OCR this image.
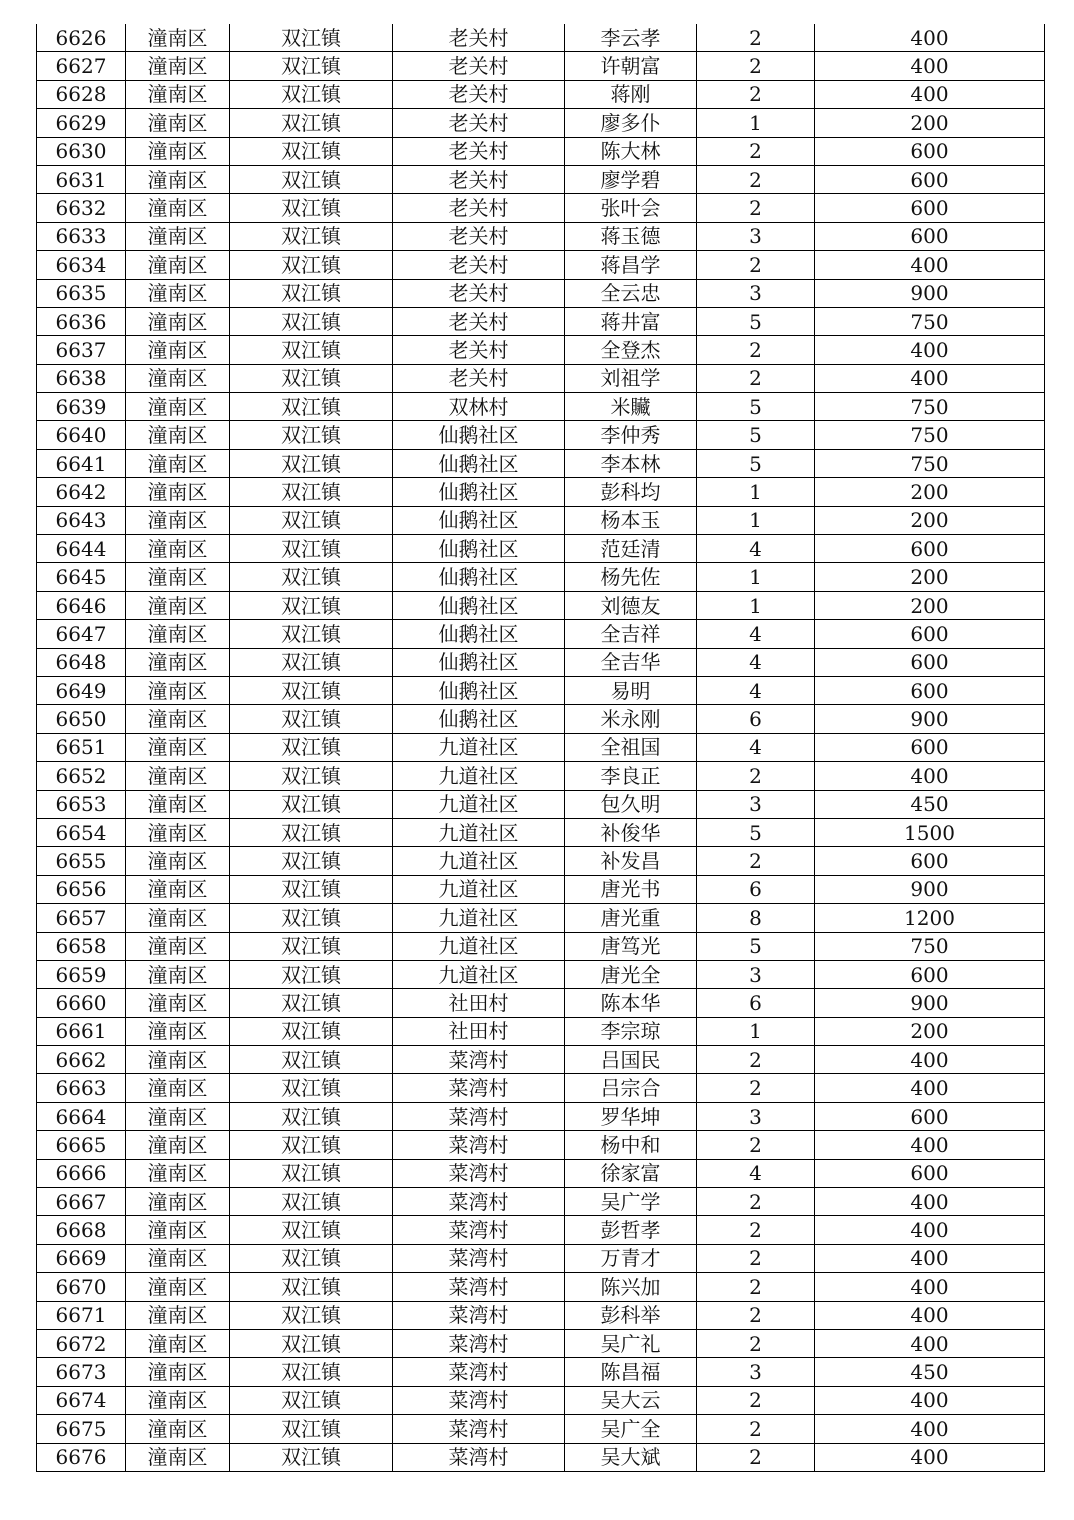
6626	潼南区	双江镇	老关村	李云孝	2	400
6627	潼南区	双江镇	老关村	许朝富	2	400
6628	潼南区	双江镇	老关村	蒋刚	2	400
6629	潼南区	双江镇	老关村	廖多仆	1	200
6630	潼南区	双江镇	老关村	陈大林	2	600
6631	潼南区	双江镇	老关村	廖学碧	2	600
6632	潼南区	双江镇	老关村	张叶会	2	600
6633	潼南区	双江镇	老关村	蒋玉德	3	600
6634	潼南区	双江镇	老关村	蒋昌学	2	400
6635	潼南区	双江镇	老关村	全云忠	3	900
6636	潼南区	双江镇	老关村	蒋井富	5	750
6637	潼南区	双江镇	老关村	全登杰	2	400
6638	潼南区	双江镇	老关村	刘祖学	2	400
6639	潼南区	双江镇	双林村	米贜	5	750
6640	潼南区	双江镇	仙鹅社区	李仲秀	5	750
6641	潼南区	双江镇	仙鹅社区	李本林	5	750
6642	潼南区	双江镇	仙鹅社区	彭科均	1	200
6643	潼南区	双江镇	仙鹅社区	杨本玉	1	200
6644	潼南区	双江镇	仙鹅社区	范廷清	4	600
6645	潼南区	双江镇	仙鹅社区	杨先佐	1	200
6646	潼南区	双江镇	仙鹅社区	刘德友	1	200
6647	潼南区	双江镇	仙鹅社区	全吉祥	4	600
6648	潼南区	双江镇	仙鹅社区	全吉华	4	600
6649	潼南区	双江镇	仙鹅社区	易明	4	600
6650	潼南区	双江镇	仙鹅社区	米永刚	6	900
6651	潼南区	双江镇	九道社区	全祖国	4	600
6652	潼南区	双江镇	九道社区	李良正	2	400
6653	潼南区	双江镇	九道社区	包久明	3	450
6654	潼南区	双江镇	九道社区	补俊华	5	1500
6655	潼南区	双江镇	九道社区	补发昌	2	600
6656	潼南区	双江镇	九道社区	唐光书	6	900
6657	潼南区	双江镇	九道社区	唐光重	8	1200
6658	潼南区	双江镇	九道社区	唐笃光	5	750
6659	潼南区	双江镇	九道社区	唐光全	3	600
6660	潼南区	双江镇	社田村	陈本华	6	900
6661	潼南区	双江镇	社田村	李宗琼	1	200
6662	潼南区	双江镇	菜湾村	吕国民	2	400
6663	潼南区	双江镇	菜湾村	吕宗合	2	400
6664	潼南区	双江镇	菜湾村	罗华坤	3	600
6665	潼南区	双江镇	菜湾村	杨中和	2	400
6666	潼南区	双江镇	菜湾村	徐家富	4	600
6667	潼南区	双江镇	菜湾村	吴广学	2	400
6668	潼南区	双江镇	菜湾村	彭哲孝	2	400
6669	潼南区	双江镇	菜湾村	万青才	2	400
6670	潼南区	双江镇	菜湾村	陈兴加	2	400
6671	潼南区	双江镇	菜湾村	彭科举	2	400
6672	潼南区	双江镇	菜湾村	吴广礼	2	400
6673	潼南区	双江镇	菜湾村	陈昌福	3	450
6674	潼南区	双江镇	菜湾村	吴大云	2	400
6675	潼南区	双江镇	菜湾村	吴广全	2	400
6676	潼南区	双江镇	菜湾村	吴大斌	2	400
